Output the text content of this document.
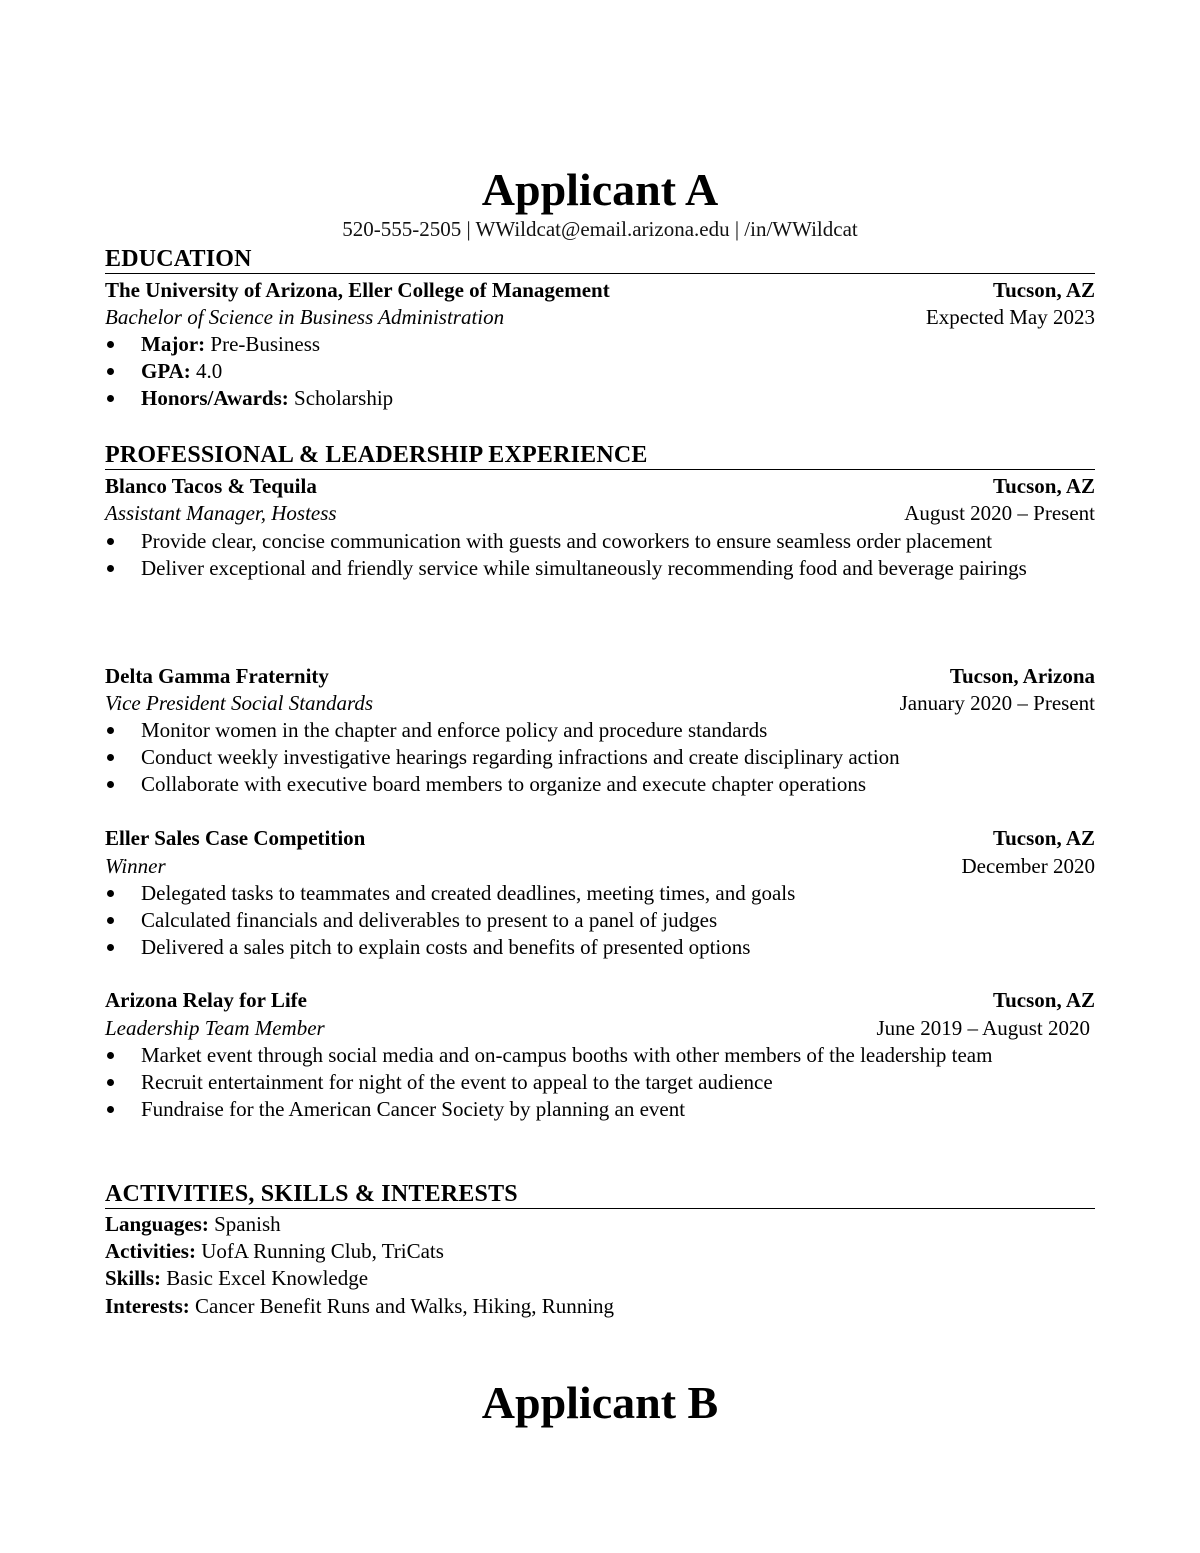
Applicant A
520-555-2505 | WWildcat@email.arizona.edu | /in/WWildcat
EDUCATION
The University of Arizona, Eller College of Management	Tucson, AZ
Bachelor of Science in Business Administration	Expected May 2023
Major: Pre-Business
GPA: 4.0
Honors/Awards: Scholarship
PROFESSIONAL & LEADERSHIP EXPERIENCE
Blanco Tacos & Tequila	Tucson, AZ
Assistant Manager, Hostess	August 2020 – Present
Provide clear, concise communication with guests and coworkers to ensure seamless order placement
Deliver exceptional and friendly service while simultaneously recommending food and beverage pairings
Delta Gamma Fraternity	Tucson, Arizona
Vice President Social Standards	January 2020 – Present
Monitor women in the chapter and enforce policy and procedure standards
Conduct weekly investigative hearings regarding infractions and create disciplinary action
Collaborate with executive board members to organize and execute chapter operations
Eller Sales Case Competition	Tucson, AZ
Winner	December 2020
Delegated tasks to teammates and created deadlines, meeting times, and goals
Calculated financials and deliverables to present to a panel of judges
Delivered a sales pitch to explain costs and benefits of presented options
Arizona Relay for Life	Tucson, AZ
Leadership Team Member	June 2019 – August 2020
Market event through social media and on-campus booths with other members of the leadership team
Recruit entertainment for night of the event to appeal to the target audience
Fundraise for the American Cancer Society by planning an event
ACTIVITIES, SKILLS & INTERESTS
Languages: Spanish
Activities: UofA Running Club, TriCats
Skills: Basic Excel Knowledge
Interests: Cancer Benefit Runs and Walks, Hiking, Running
Applicant B
